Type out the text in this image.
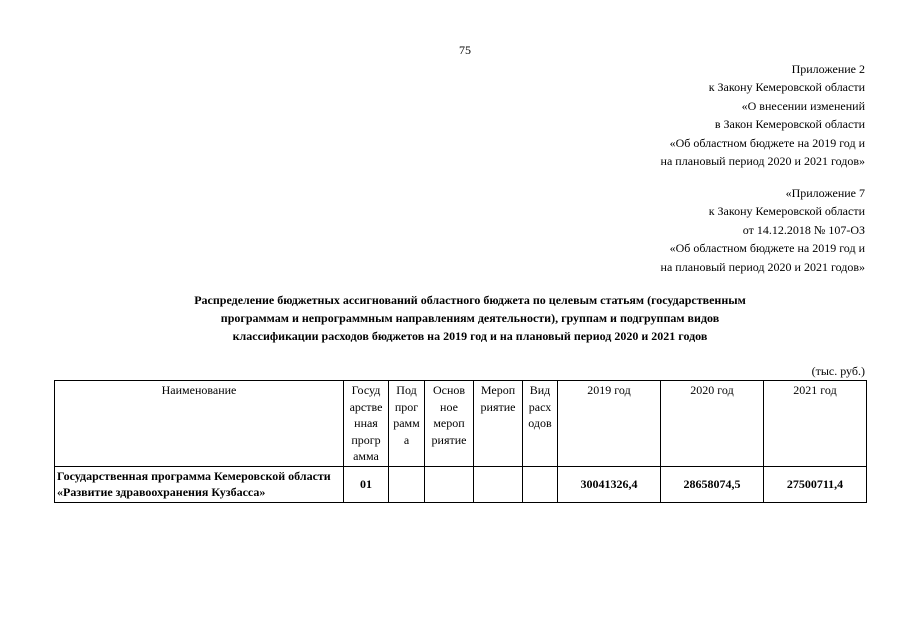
75
Приложение 2
к Закону Кемеровской области
«О внесении изменений
в Закон Кемеровской области
«Об областном бюджете на 2019 год и
на плановый период 2020 и 2021 годов»
«Приложение 7
к Закону Кемеровской области
от 14.12.2018 № 107-ОЗ
«Об областном бюджете на 2019 год и
на плановый период 2020 и 2021 годов»
Распределение бюджетных ассигнований областного бюджета по целевым статьям (государственным
программам и непрограммным направлениям деятельности), группам и подгруппам видов
классификации расходов бюджетов на 2019 год и на плановый период 2020 и 2021 годов
(тыс. руб.)
Наименование	Госуд арстве нная прогр амма	Под прог рамм а	Основ ное мероп риятие	Мероп риятие	Вид расх одов	2019 год	2020 год	2021 год
Государственная программа Кемеровской области «Развитие здравоохранения Кузбасса»	01					30041326,4	28658074,5	27500711,4
